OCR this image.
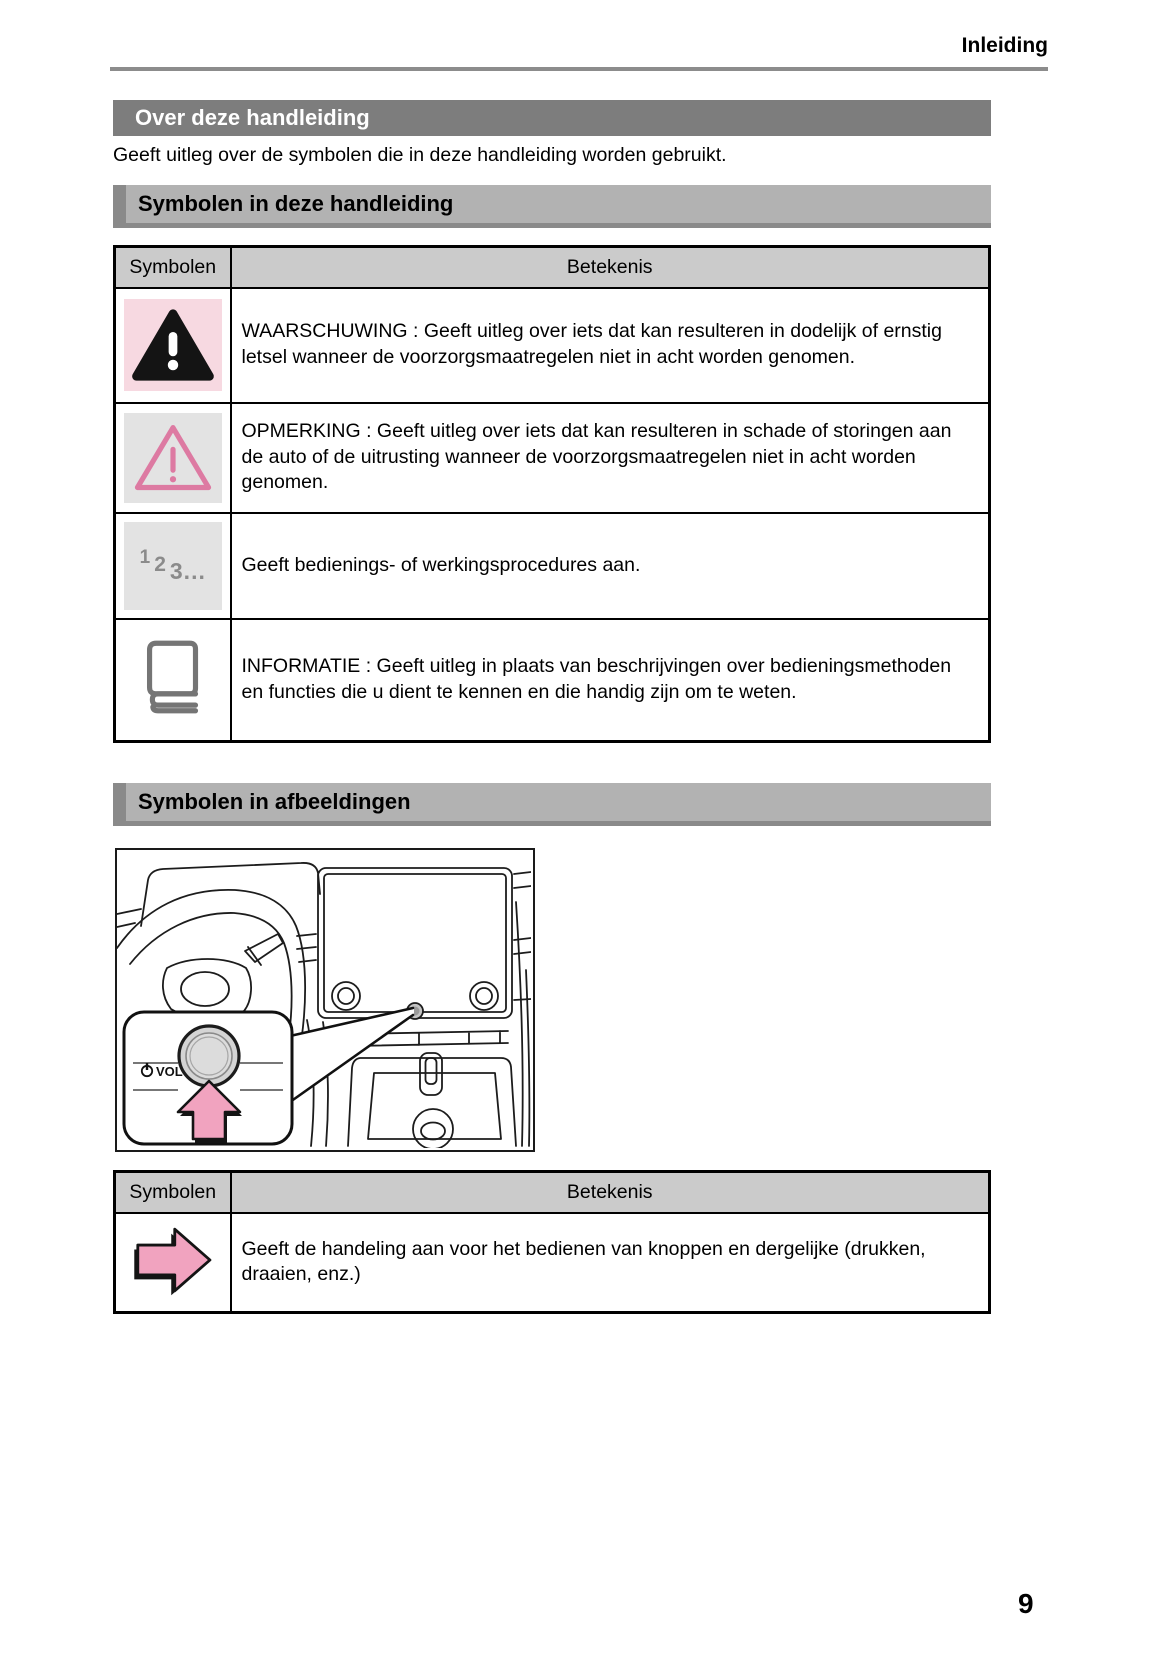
Inleiding
Over deze handleiding

Geeft uitleg over de symbolen die in deze handleiding worden gebruikt.

Symbolen in deze handleiding
Symbolen	Betekenis

	WAARSCHUWING : Geeft uitleg over iets dat kan resulteren in dodelijk of ernstig letsel wanneer de voorzorgsmaatregelen niet in acht worden genomen.

	OPMERKING : Geeft uitleg over iets dat kan resulteren in schade of storingen aan de auto of de uitrusting wanneer de voorzorgsmaatregelen niet in acht worden genomen.

1 2 3...	Geeft bedienings- of werkingsprocedures aan.

	INFORMATIE : Geeft uitleg in plaats van beschrijvingen over bedieningsmethoden en functies die u dient te kennen en die handig zijn om te weten.
Symbolen in afbeeldingen
VOL
Symbolen	Betekenis

	Geeft de handeling aan voor het bedienen van knoppen en dergelijke (drukken, draaien, enz.)
9
